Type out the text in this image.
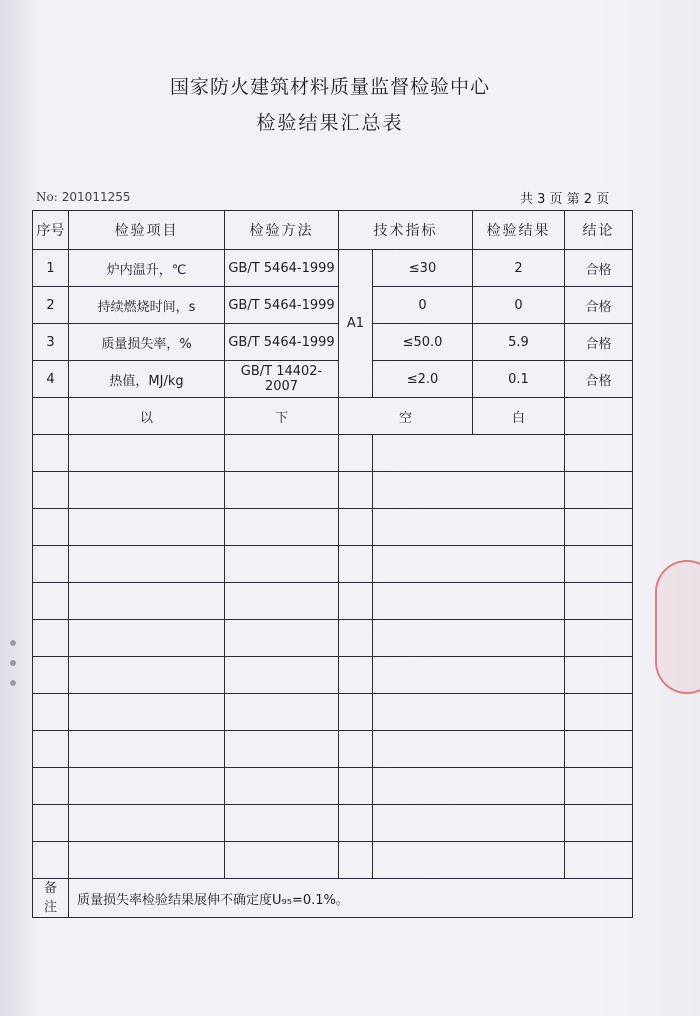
国家防火建筑材料质量监督检验中心
检验结果汇总表
No: 201011255	共 3 页 第 2 页
序号	检验项目	检验方法	技术指标		检验结果	结论	
1	炉内温升，℃	GB/T 5464-1999	A1	≤30	2	合格	
2	持续燃烧时间，s	GB/T 5464-1999		0	0	合格	
3	质量损失率，%	GB/T 5464-1999		≤50.0	5.9	合格	
4	热值，MJ/kg	GB/T 14402-2007		≤2.0	0.1	合格	
	以	下	空		白		

备注	质量损失率检验结果展伸不确定度U₉₅=0.1%。						
